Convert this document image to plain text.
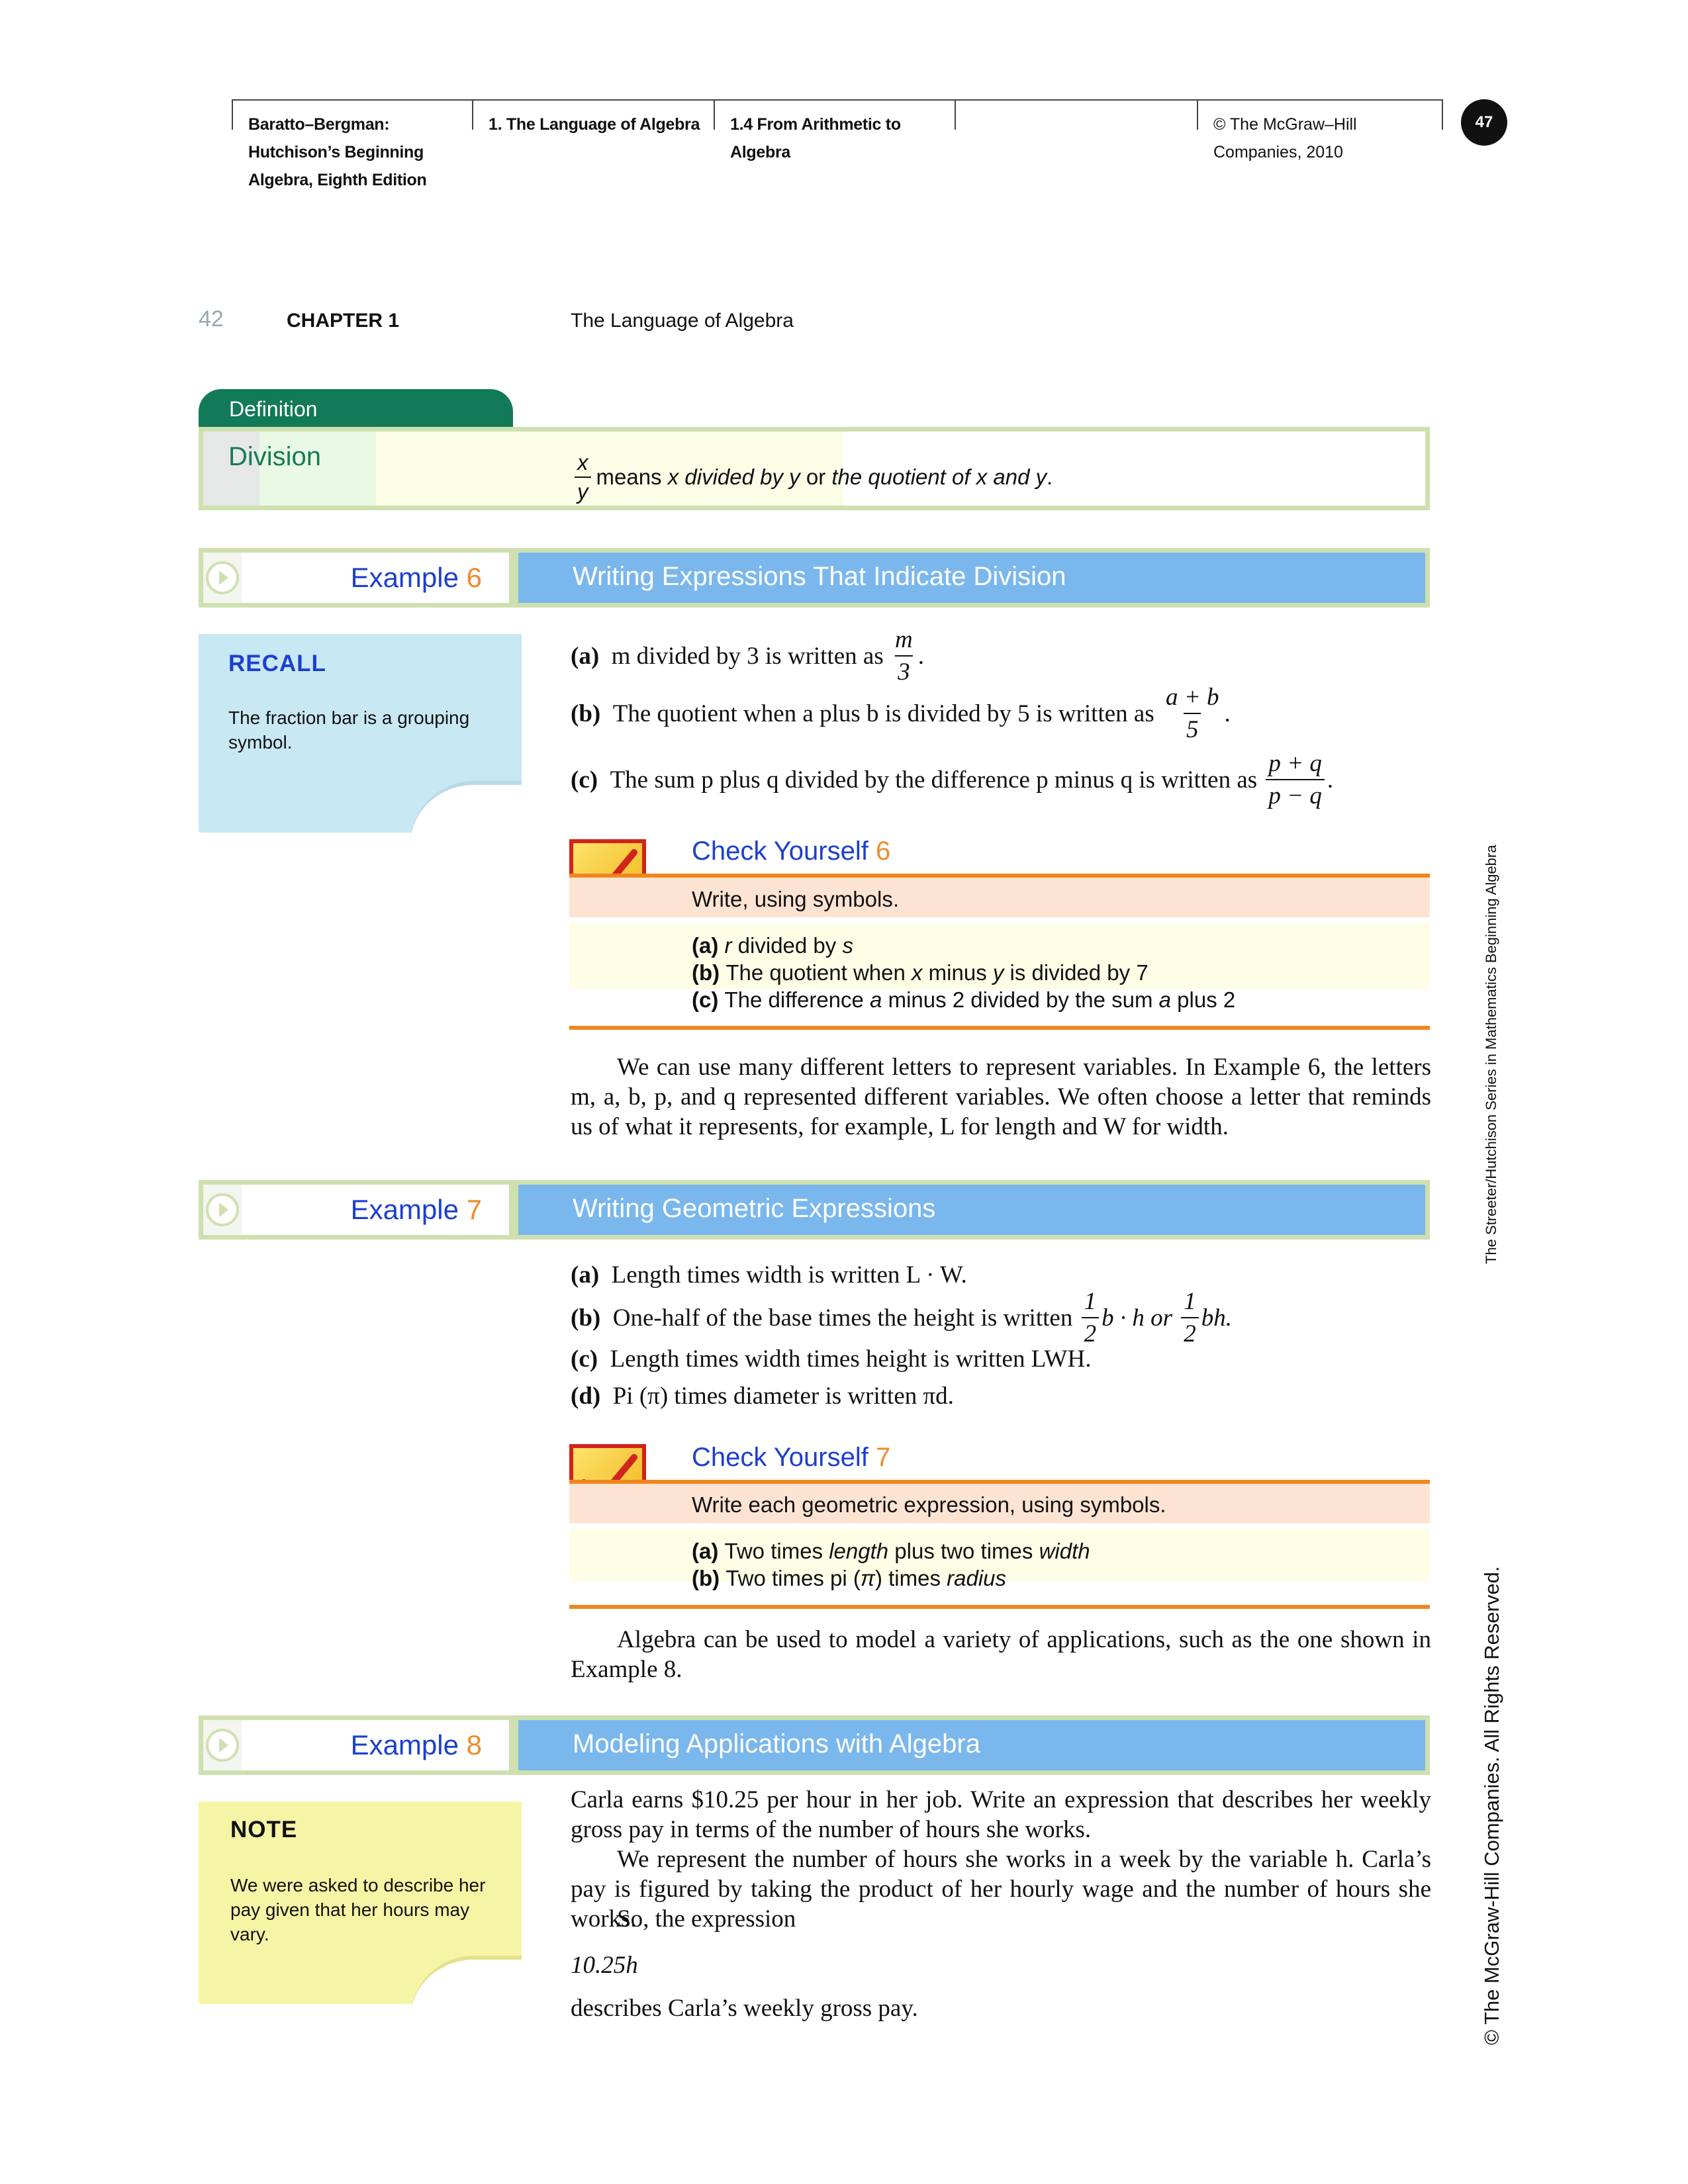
Baratto–Bergman:
Hutchison’s Beginning
Algebra, Eighth Edition
1. The Language of Algebra 1.4 From Arithmetic to
Algebra
© The McGraw–Hill
Companies, 2010
47
42	CHAPTER 1	The Language of Algebra
Definition
Division	$\frac{x}{y}$ means
x divided by y
or
the quotient of x and y .
Example 6	Writing Expressions That Indicate Division
RECALL
The fraction bar is a grouping symbol.
(a)
m divided by 3 is written as
$\frac{m}{3}$ .
(b)
The quotient when a plus b is divided by 5 is written as
$\frac{a + b}{5}$ .
(c)
The sum p plus q divided by the difference p minus q is written as
$\frac{p + q}{p - q}$ .
Check Yourself 6
Write, using symbols.
(a) r divided by s
(b) The quotient when x minus y is divided by 7
(c) The difference a minus 2 divided by the sum a plus 2
We can use many different letters to represent variables. In Example 6, the letters m, a, b, p, and q represented different variables. We often choose a letter that reminds us of what it represents, for example, L for length and W for width.
Example 7	Writing Geometric Expressions
(a) Length times width is written L · W.
(b)
One-half of the base times the height is written
$\frac{1}{2}$ b · h or
$\frac{1}{2}$ bh.
(c) Length times width times height is written LWH.
(d) Pi (π) times diameter is written πd.
Check Yourself 7
Write each geometric expression, using symbols.
(a) Two times length plus two times width
(b) Two times pi (π) times radius
Algebra can be used to model a variety of applications, such as the one shown in Example 8.
Example 8	Modeling Applications with Algebra
NOTE
We were asked to describe her pay given that her hours may vary.
Carla earns $10.25 per hour in her job. Write an expression that describes her weekly gross pay in terms of the number of hours she works.
We represent the number of hours she works in a week by the variable h. Carla’s pay is figured by taking the product of her hourly wage and the number of hours she works.
So, the expression
10.25h
describes Carla’s weekly gross pay.
The Streeter/Hutchison Series in Mathematics Beginning Algebra
© The McGraw-Hill Companies. All Rights Reserved.
